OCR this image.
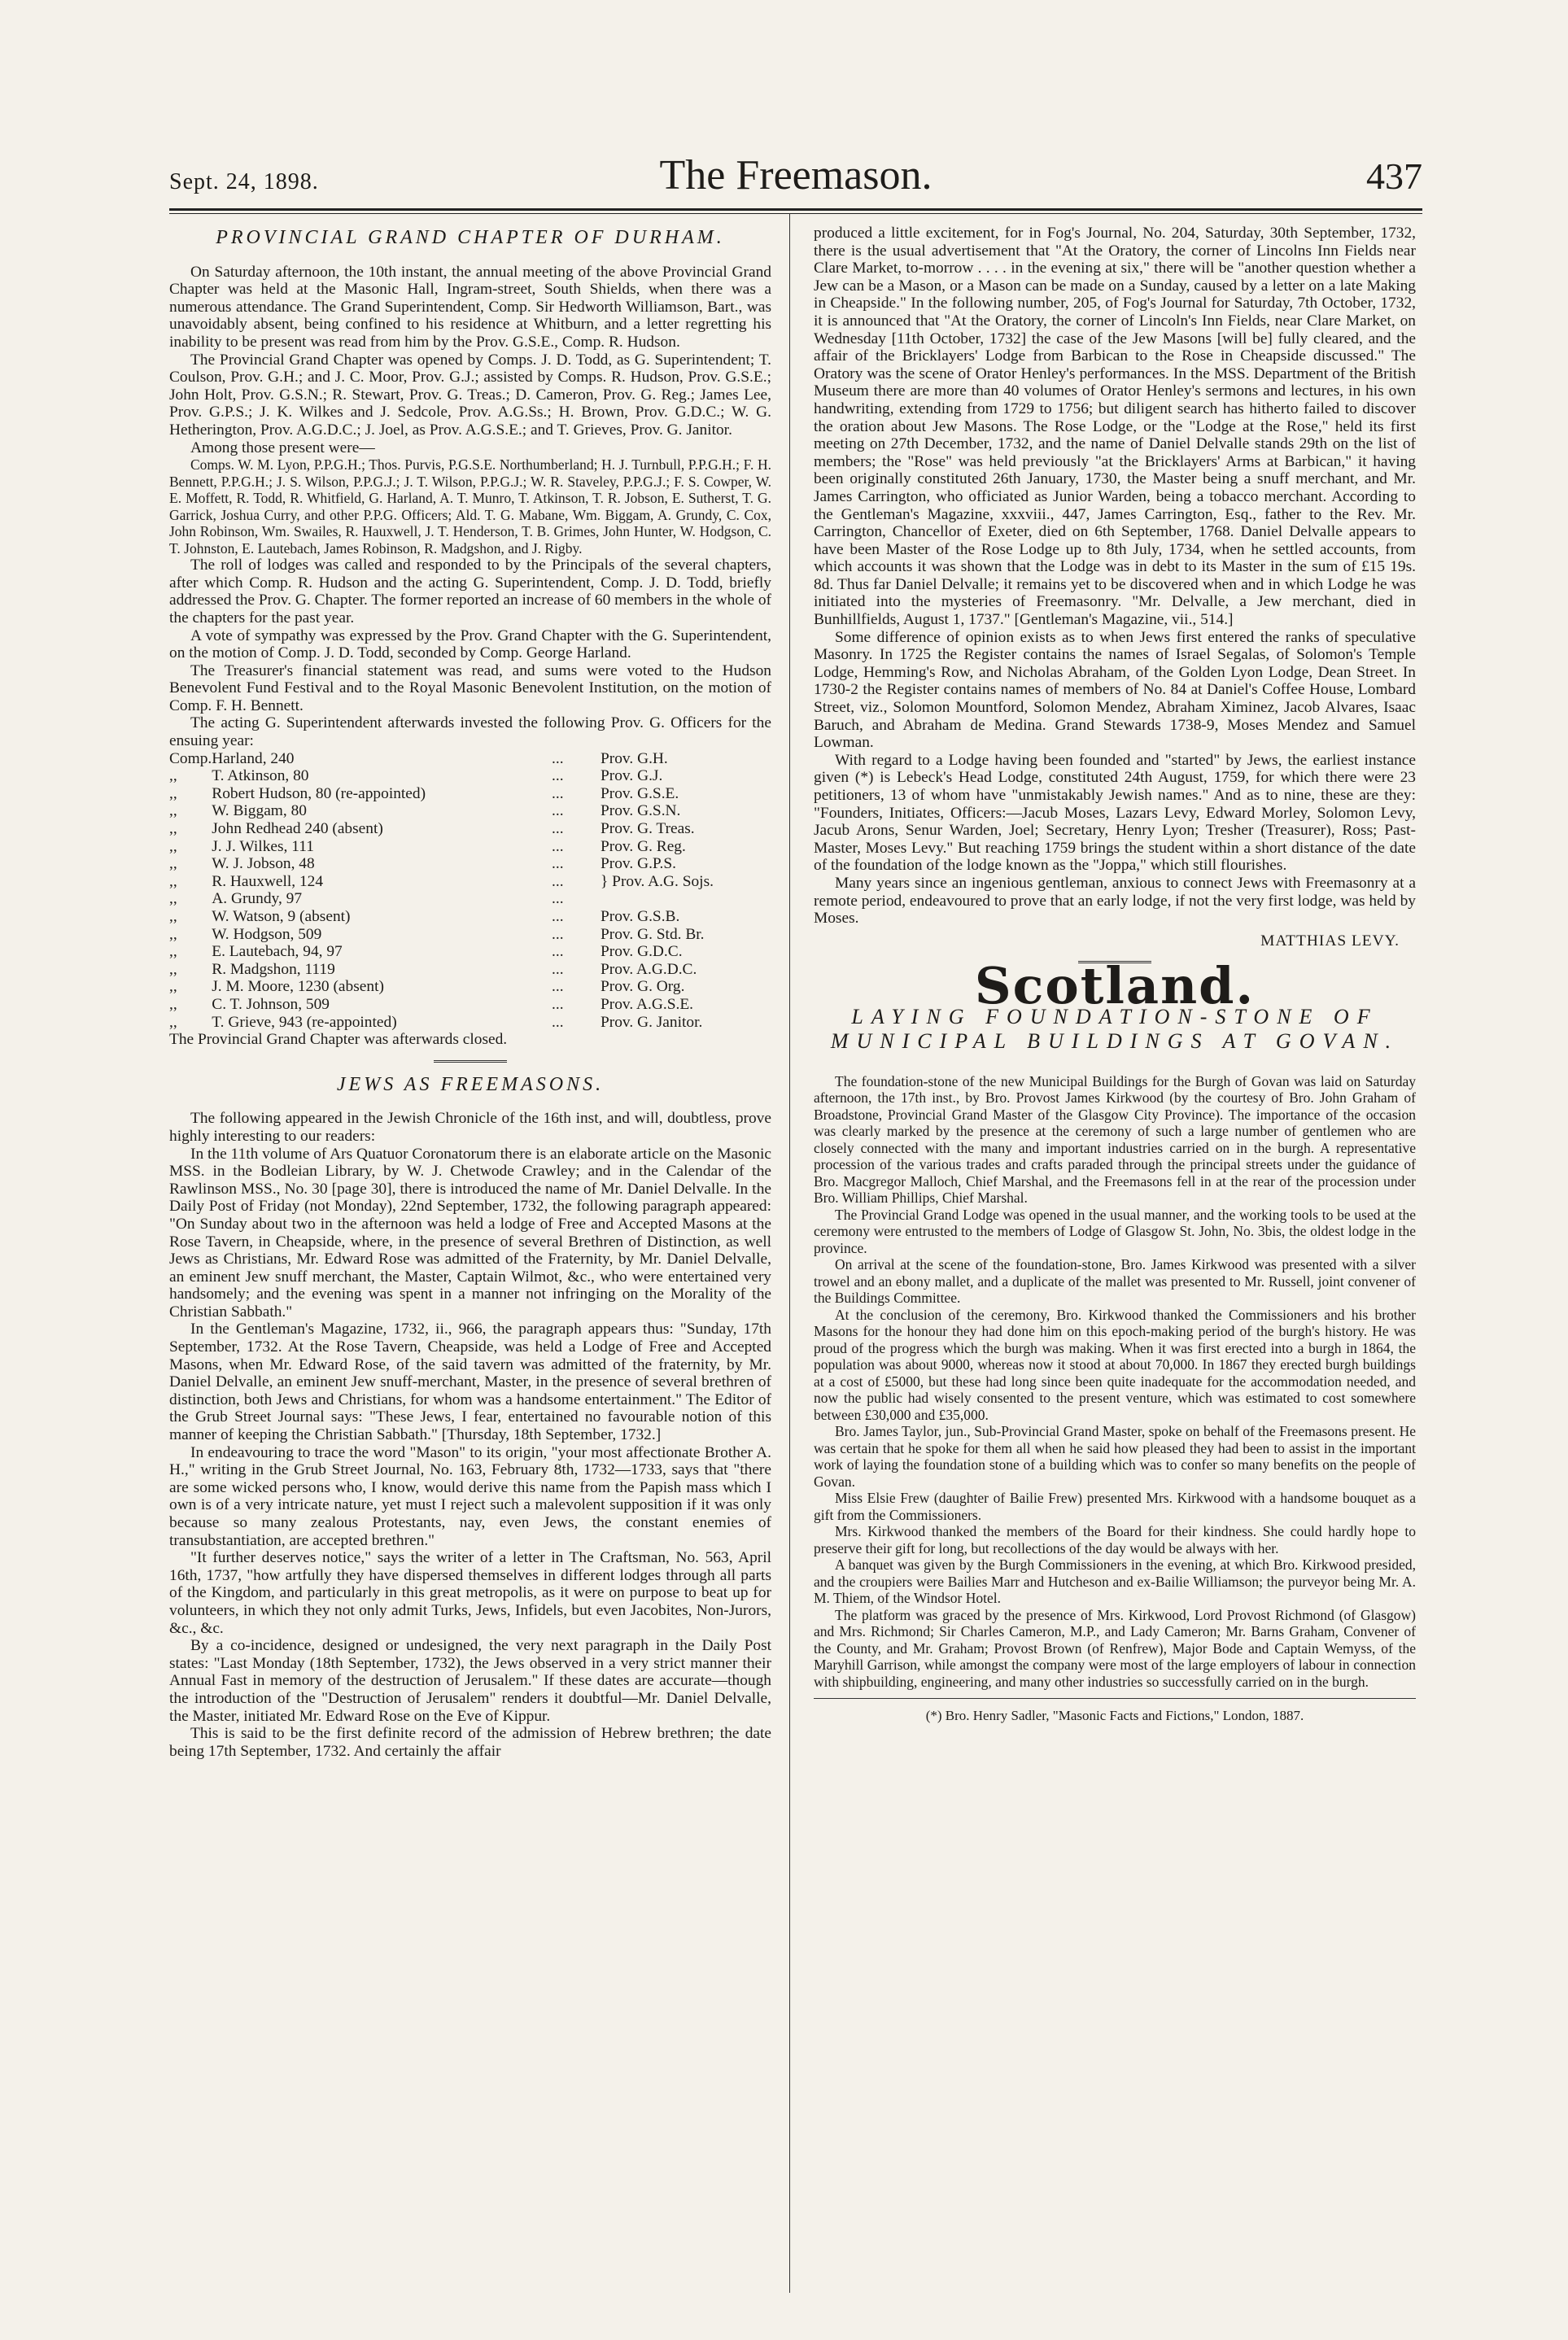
Sept. 24, 1898.	The Freemason.	437
PROVINCIAL GRAND CHAPTER OF DURHAM.

On Saturday afternoon, the 10th instant, the annual meeting of the above Provincial Grand Chapter was held at the Masonic Hall, Ingram-street, South Shields, when there was a numerous attendance. The Grand Superintendent, Comp. Sir Hedworth Williamson, Bart., was unavoidably absent, being confined to his residence at Whitburn, and a letter regretting his inability to be present was read from him by the Prov. G.S.E., Comp. R. Hudson.

The Provincial Grand Chapter was opened by Comps. J. D. Todd, as G. Superintendent; T. Coulson, Prov. G.H.; and J. C. Moor, Prov. G.J.; assisted by Comps. R. Hudson, Prov. G.S.E.; John Holt, Prov. G.S.N.; R. Stewart, Prov. G. Treas.; D. Cameron, Prov. G. Reg.; James Lee, Prov. G.P.S.; J. K. Wilkes and J. Sedcole, Prov. A.G.Ss.; H. Brown, Prov. G.D.C.; W. G. Hetherington, Prov. A.G.D.C.; J. Joel, as Prov. A.G.S.E.; and T. Grieves, Prov. G. Janitor.

Among those present were—

Comps. W. M. Lyon, P.P.G.H.; Thos. Purvis, P.G.S.E. Northumberland; H. J. Turnbull, P.P.G.H.; F. H. Bennett, P.P.G.H.; J. S. Wilson, P.P.G.J.; J. T. Wilson, P.P.G.J.; W. R. Staveley, P.P.G.J.; F. S. Cowper, W. E. Moffett, R. Todd, R. Whitfield, G. Harland, A. T. Munro, T. Atkinson, T. R. Jobson, E. Sutherst, T. G. Garrick, Joshua Curry, and other P.P.G. Officers; Ald. T. G. Mabane, Wm. Biggam, A. Grundy, C. Cox, John Robinson, Wm. Swailes, R. Hauxwell, J. T. Henderson, T. B. Grimes, John Hunter, W. Hodgson, C. T. Johnston, E. Lautebach, James Robinson, R. Madgshon, and J. Rigby.

The roll of lodges was called and responded to by the Principals of the several chapters, after which Comp. R. Hudson and the acting G. Superintendent, Comp. J. D. Todd, briefly addressed the Prov. G. Chapter. The former reported an increase of 60 members in the whole of the chapters for the past year.

A vote of sympathy was expressed by the Prov. Grand Chapter with the G. Superintendent, on the motion of Comp. J. D. Todd, seconded by Comp. George Harland.

The Treasurer's financial statement was read, and sums were voted to the Hudson Benevolent Fund Festival and to the Royal Masonic Benevolent Institution, on the motion of Comp. F. H. Bennett.

The acting G. Superintendent afterwards invested the following Prov. G. Officers for the ensuing year:

Comp.	Harland, 240	...	Prov. G.H.
,,	T. Atkinson, 80	...	Prov. G.J.
,,	Robert Hudson, 80 (re-appointed)	...	Prov. G.S.E.
,,	W. Biggam, 80	...	Prov. G.S.N.
,,	John Redhead 240 (absent)	...	Prov. G. Treas.
,,	J. J. Wilkes, 111	...	Prov. G. Reg.
,,	W. J. Jobson, 48	...	Prov. G.P.S.
,,	R. Hauxwell, 124	...	} Prov. A.G. Sojs.
,,	A. Grundy, 97	...	
,,	W. Watson, 9 (absent)	...	Prov. G.S.B.
,,	W. Hodgson, 509	...	Prov. G. Std. Br.
,,	E. Lautebach, 94, 97	...	Prov. G.D.C.
,,	R. Madgshon, 1119	...	Prov. A.G.D.C.
,,	J. M. Moore, 1230 (absent)	...	Prov. G. Org.
,,	C. T. Johnson, 509	...	Prov. A.G.S.E.
,,	T. Grieve, 943 (re-appointed)	...	Prov. G. Janitor.

The Provincial Grand Chapter was afterwards closed.

JEWS AS FREEMASONS.

The following appeared in the Jewish Chronicle of the 16th inst, and will, doubtless, prove highly interesting to our readers:

In the 11th volume of Ars Quatuor Coronatorum there is an elaborate article on the Masonic MSS. in the Bodleian Library, by W. J. Chetwode Crawley; and in the Calendar of the Rawlinson MSS., No. 30 [page 30], there is introduced the name of Mr. Daniel Delvalle. In the Daily Post of Friday (not Monday), 22nd September, 1732, the following paragraph appeared: "On Sunday about two in the afternoon was held a lodge of Free and Accepted Masons at the Rose Tavern, in Cheapside, where, in the presence of several Brethren of Distinction, as well Jews as Christians, Mr. Edward Rose was admitted of the Fraternity, by Mr. Daniel Delvalle, an eminent Jew snuff merchant, the Master, Captain Wilmot, &c., who were entertained very handsomely; and the evening was spent in a manner not infringing on the Morality of the Christian Sabbath."

In the Gentleman's Magazine, 1732, ii., 966, the paragraph appears thus: "Sunday, 17th September, 1732. At the Rose Tavern, Cheapside, was held a Lodge of Free and Accepted Masons, when Mr. Edward Rose, of the said tavern was admitted of the fraternity, by Mr. Daniel Delvalle, an eminent Jew snuff-merchant, Master, in the presence of several brethren of distinction, both Jews and Christians, for whom was a handsome entertainment." The Editor of the Grub Street Journal says: "These Jews, I fear, entertained no favourable notion of this manner of keeping the Christian Sabbath." [Thursday, 18th September, 1732.]

In endeavouring to trace the word "Mason" to its origin, "your most affectionate Brother A. H.," writing in the Grub Street Journal, No. 163, February 8th, 1732—1733, says that "there are some wicked persons who, I know, would derive this name from the Papish mass which I own is of a very intricate nature, yet must I reject such a malevolent supposition if it was only because so many zealous Protestants, nay, even Jews, the constant enemies of transubstantiation, are accepted brethren."

"It further deserves notice," says the writer of a letter in The Craftsman, No. 563, April 16th, 1737, "how artfully they have dispersed themselves in different lodges through all parts of the Kingdom, and particularly in this great metropolis, as it were on purpose to beat up for volunteers, in which they not only admit Turks, Jews, Infidels, but even Jacobites, Non-Jurors, &c., &c.

By a co-incidence, designed or undesigned, the very next paragraph in the Daily Post states: "Last Monday (18th September, 1732), the Jews observed in a very strict manner their Annual Fast in memory of the destruction of Jerusalem." If these dates are accurate—though the introduction of the "Destruction of Jerusalem" renders it doubtful—Mr. Daniel Delvalle, the Master, initiated Mr. Edward Rose on the Eve of Kippur.

This is said to be the first definite record of the admission of Hebrew brethren; the date being 17th September, 1732. And certainly the affair

produced a little excitement, for in Fog's Journal, No. 204, Saturday, 30th September, 1732, there is the usual advertisement that "At the Oratory, the corner of Lincolns Inn Fields near Clare Market, to-morrow . . . . in the evening at six," there will be "another question whether a Jew can be a Mason, or a Mason can be made on a Sunday, caused by a letter on a late Making in Cheapside." In the following number, 205, of Fog's Journal for Saturday, 7th October, 1732, it is announced that "At the Oratory, the corner of Lincoln's Inn Fields, near Clare Market, on Wednesday [11th October, 1732] the case of the Jew Masons [will be] fully cleared, and the affair of the Bricklayers' Lodge from Barbican to the Rose in Cheapside discussed." The Oratory was the scene of Orator Henley's performances. In the MSS. Department of the British Museum there are more than 40 volumes of Orator Henley's sermons and lectures, in his own handwriting, extending from 1729 to 1756; but diligent search has hitherto failed to discover the oration about Jew Masons. The Rose Lodge, or the "Lodge at the Rose," held its first meeting on 27th December, 1732, and the name of Daniel Delvalle stands 29th on the list of members; the "Rose" was held previously "at the Bricklayers' Arms at Barbican," it having been originally constituted 26th January, 1730, the Master being a snuff merchant, and Mr. James Carrington, who officiated as Junior Warden, being a tobacco merchant. According to the Gentleman's Magazine, xxxviii., 447, James Carrington, Esq., father to the Rev. Mr. Carrington, Chancellor of Exeter, died on 6th September, 1768. Daniel Delvalle appears to have been Master of the Rose Lodge up to 8th July, 1734, when he settled accounts, from which accounts it was shown that the Lodge was in debt to its Master in the sum of £15 19s. 8d. Thus far Daniel Delvalle; it remains yet to be discovered when and in which Lodge he was initiated into the mysteries of Freemasonry. "Mr. Delvalle, a Jew merchant, died in Bunhillfields, August 1, 1737." [Gentleman's Magazine, vii., 514.]

Some difference of opinion exists as to when Jews first entered the ranks of speculative Masonry. In 1725 the Register contains the names of Israel Segalas, of Solomon's Temple Lodge, Hemming's Row, and Nicholas Abraham, of the Golden Lyon Lodge, Dean Street. In 1730-2 the Register contains names of members of No. 84 at Daniel's Coffee House, Lombard Street, viz., Solomon Mountford, Solomon Mendez, Abraham Ximinez, Jacob Alvares, Isaac Baruch, and Abraham de Medina. Grand Stewards 1738-9, Moses Mendez and Samuel Lowman.

With regard to a Lodge having been founded and "started" by Jews, the earliest instance given (*) is Lebeck's Head Lodge, constituted 24th August, 1759, for which there were 23 petitioners, 13 of whom have "unmistakably Jewish names." And as to nine, these are they: "Founders, Initiates, Officers:—Jacub Moses, Lazars Levy, Edward Morley, Solomon Levy, Jacub Arons, Senur Warden, Joel; Secretary, Henry Lyon; Tresher (Treasurer), Ross; Past-Master, Moses Levy." But reaching 1759 brings the student within a short distance of the date of the foundation of the lodge known as the "Joppa," which still flourishes.

Many years since an ingenious gentleman, anxious to connect Jews with Freemasonry at a remote period, endeavoured to prove that an early lodge, if not the very first lodge, was held by Moses.

MATTHIAS LEVY.
Scotland.
LAYING FOUNDATION-STONE OF MUNICIPAL BUILDINGS AT GOVAN.

The foundation-stone of the new Municipal Buildings for the Burgh of Govan was laid on Saturday afternoon, the 17th inst., by Bro. Provost James Kirkwood (by the courtesy of Bro. John Graham of Broadstone, Provincial Grand Master of the Glasgow City Province). The importance of the occasion was clearly marked by the presence at the ceremony of such a large number of gentlemen who are closely connected with the many and important industries carried on in the burgh. A representative procession of the various trades and crafts paraded through the principal streets under the guidance of Bro. Macgregor Malloch, Chief Marshal, and the Freemasons fell in at the rear of the procession under Bro. William Phillips, Chief Marshal.

The Provincial Grand Lodge was opened in the usual manner, and the working tools to be used at the ceremony were entrusted to the members of Lodge of Glasgow St. John, No. 3bis, the oldest lodge in the province.

On arrival at the scene of the foundation-stone, Bro. James Kirkwood was presented with a silver trowel and an ebony mallet, and a duplicate of the mallet was presented to Mr. Russell, joint convener of the Buildings Committee.

At the conclusion of the ceremony, Bro. Kirkwood thanked the Commissioners and his brother Masons for the honour they had done him on this epoch-making period of the burgh's history. He was proud of the progress which the burgh was making. When it was first erected into a burgh in 1864, the population was about 9000, whereas now it stood at about 70,000. In 1867 they erected burgh buildings at a cost of £5000, but these had long since been quite inadequate for the accommodation needed, and now the public had wisely consented to the present venture, which was estimated to cost somewhere between £30,000 and £35,000.

Bro. James Taylor, jun., Sub-Provincial Grand Master, spoke on behalf of the Freemasons present. He was certain that he spoke for them all when he said how pleased they had been to assist in the important work of laying the foundation stone of a building which was to confer so many benefits on the people of Govan.

Miss Elsie Frew (daughter of Bailie Frew) presented Mrs. Kirkwood with a handsome bouquet as a gift from the Commissioners.

Mrs. Kirkwood thanked the members of the Board for their kindness. She could hardly hope to preserve their gift for long, but recollections of the day would be always with her.

A banquet was given by the Burgh Commissioners in the evening, at which Bro. Kirkwood presided, and the croupiers were Bailies Marr and Hutcheson and ex-Bailie Williamson; the purveyor being Mr. A. M. Thiem, of the Windsor Hotel.

The platform was graced by the presence of Mrs. Kirkwood, Lord Provost Richmond (of Glasgow) and Mrs. Richmond; Sir Charles Cameron, M.P., and Lady Cameron; Mr. Barns Graham, Convener of the County, and Mr. Graham; Provost Brown (of Renfrew), Major Bode and Captain Wemyss, of the Maryhill Garrison, while amongst the company were most of the large employers of labour in connection with shipbuilding, engineering, and many other industries so successfully carried on in the burgh.

(*) Bro. Henry Sadler, "Masonic Facts and Fictions," London, 1887.
